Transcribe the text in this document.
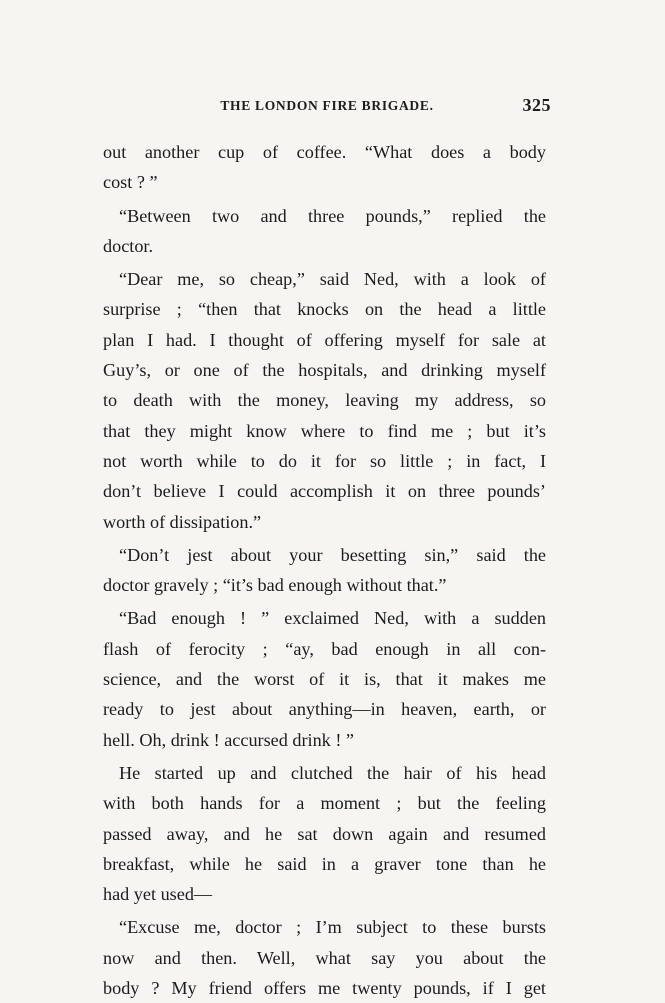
THE LONDON FIRE BRIGADE.	325
out another cup of coffee. “What does a body
cost ? ”
“Between two and three pounds,” replied the
doctor.
“Dear me, so cheap,” said Ned, with a look of
surprise ; “then that knocks on the head a little
plan I had. I thought of offering myself for sale at
Guy’s, or one of the hospitals, and drinking myself
to death with the money, leaving my address, so
that they might know where to find me ; but it’s
not worth while to do it for so little ; in fact, I
don’t believe I could accomplish it on three pounds’
worth of dissipation.”
“Don’t jest about your besetting sin,” said the
doctor gravely ; “it’s bad enough without that.”
“Bad enough ! ” exclaimed Ned, with a sudden
flash of ferocity ; “ay, bad enough in all con-
science, and the worst of it is, that it makes me
ready to jest about anything—in heaven, earth, or
hell. Oh, drink ! accursed drink ! ”
He started up and clutched the hair of his head
with both hands for a moment ; but the feeling
passed away, and he sat down again and resumed
breakfast, while he said in a graver tone than he
had yet used—
“Excuse me, doctor ; I’m subject to these bursts
now and then. Well, what say you about the
body ? My friend offers me twenty pounds, if I get
